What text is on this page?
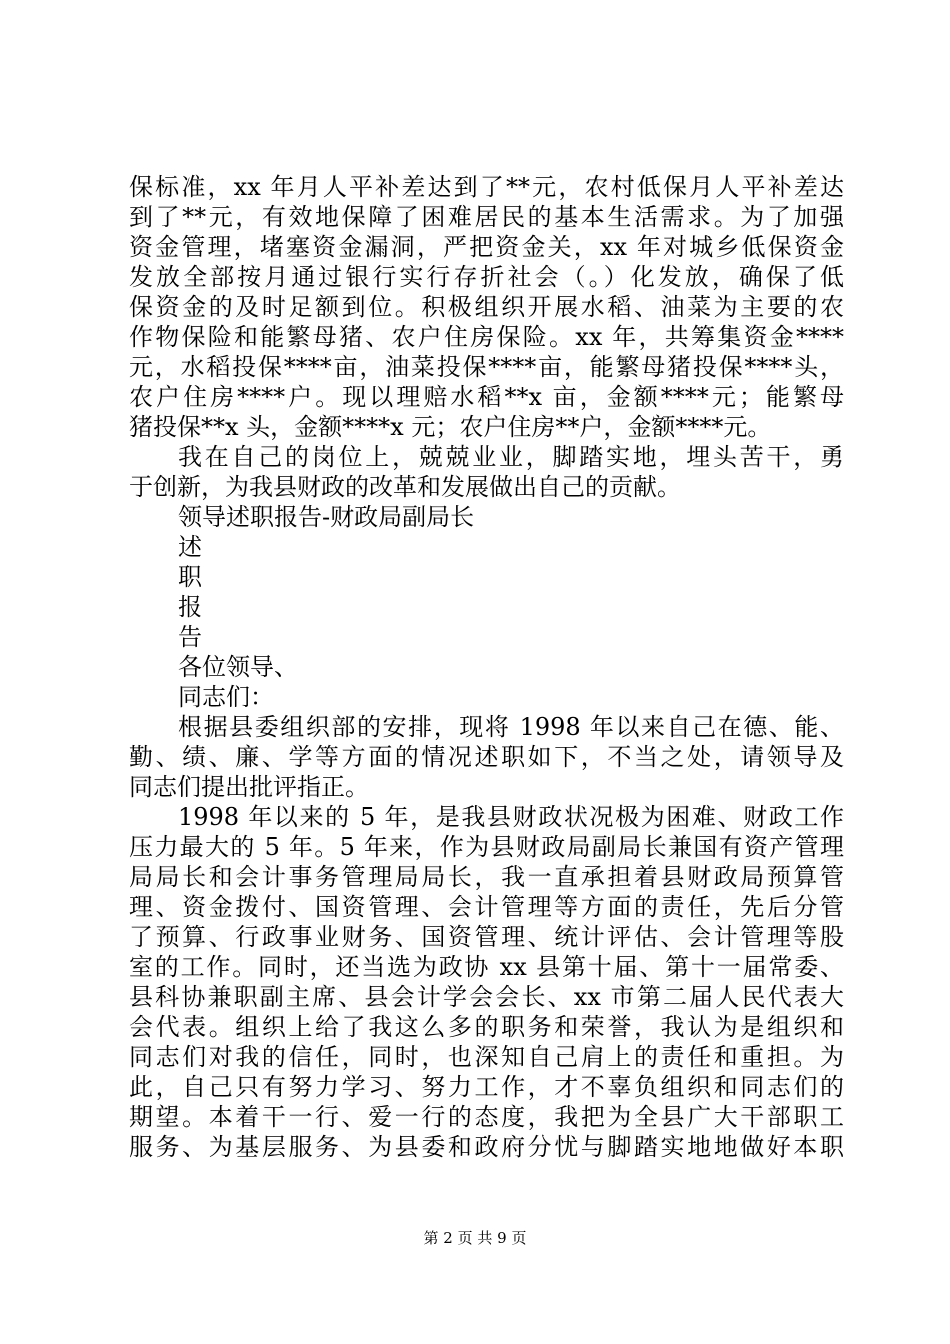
保标准，xx 年月人平补差达到了**元，农村低保月人平补差达
到了**元，有效地保障了困难居民的基本生活需求。为了加强
资金管理，堵塞资金漏洞，严把资金关，xx 年对城乡低保资金
发放全部按月通过银行实行存折社会（。）化发放，确保了低
保资金的及时足额到位。积极组织开展水稻、油菜为主要的农
作物保险和能繁母猪、农户住房保险。xx 年，共筹集资金****
元，水稻投保****亩，油菜投保****亩，能繁母猪投保****头，
农户住房****户。现以理赔水稻**x 亩，金额****元；能繁母
猪投保**x 头，金额****x 元；农户住房**户，金额****元。
我在自己的岗位上，兢兢业业，脚踏实地，埋头苦干，勇
于创新，为我县财政的改革和发展做出自己的贡献。
领导述职报告-财政局副局长
述
职
报
告
各位领导、
同志们：
根据县委组织部的安排，现将 1998 年以来自己在德、能、
勤、绩、廉、学等方面的情况述职如下，不当之处，请领导及
同志们提出批评指正。
1998 年以来的 5 年，是我县财政状况极为困难、财政工作
压力最大的 5 年。5 年来，作为县财政局副局长兼国有资产管理
局局长和会计事务管理局局长，我一直承担着县财政局预算管
理、资金拨付、国资管理、会计管理等方面的责任，先后分管
了预算、行政事业财务、国资管理、统计评估、会计管理等股
室的工作。同时，还当选为政协 xx 县第十届、第十一届常委、
县科协兼职副主席、县会计学会会长、xx 市第二届人民代表大
会代表。组织上给了我这么多的职务和荣誉，我认为是组织和
同志们对我的信任，同时，也深知自己肩上的责任和重担。为
此，自己只有努力学习、努力工作，才不辜负组织和同志们的
期望。本着干一行、爱一行的态度，我把为全县广大干部职工
服务、为基层服务、为县委和政府分忧与脚踏实地地做好本职
第 2 页 共 9 页
